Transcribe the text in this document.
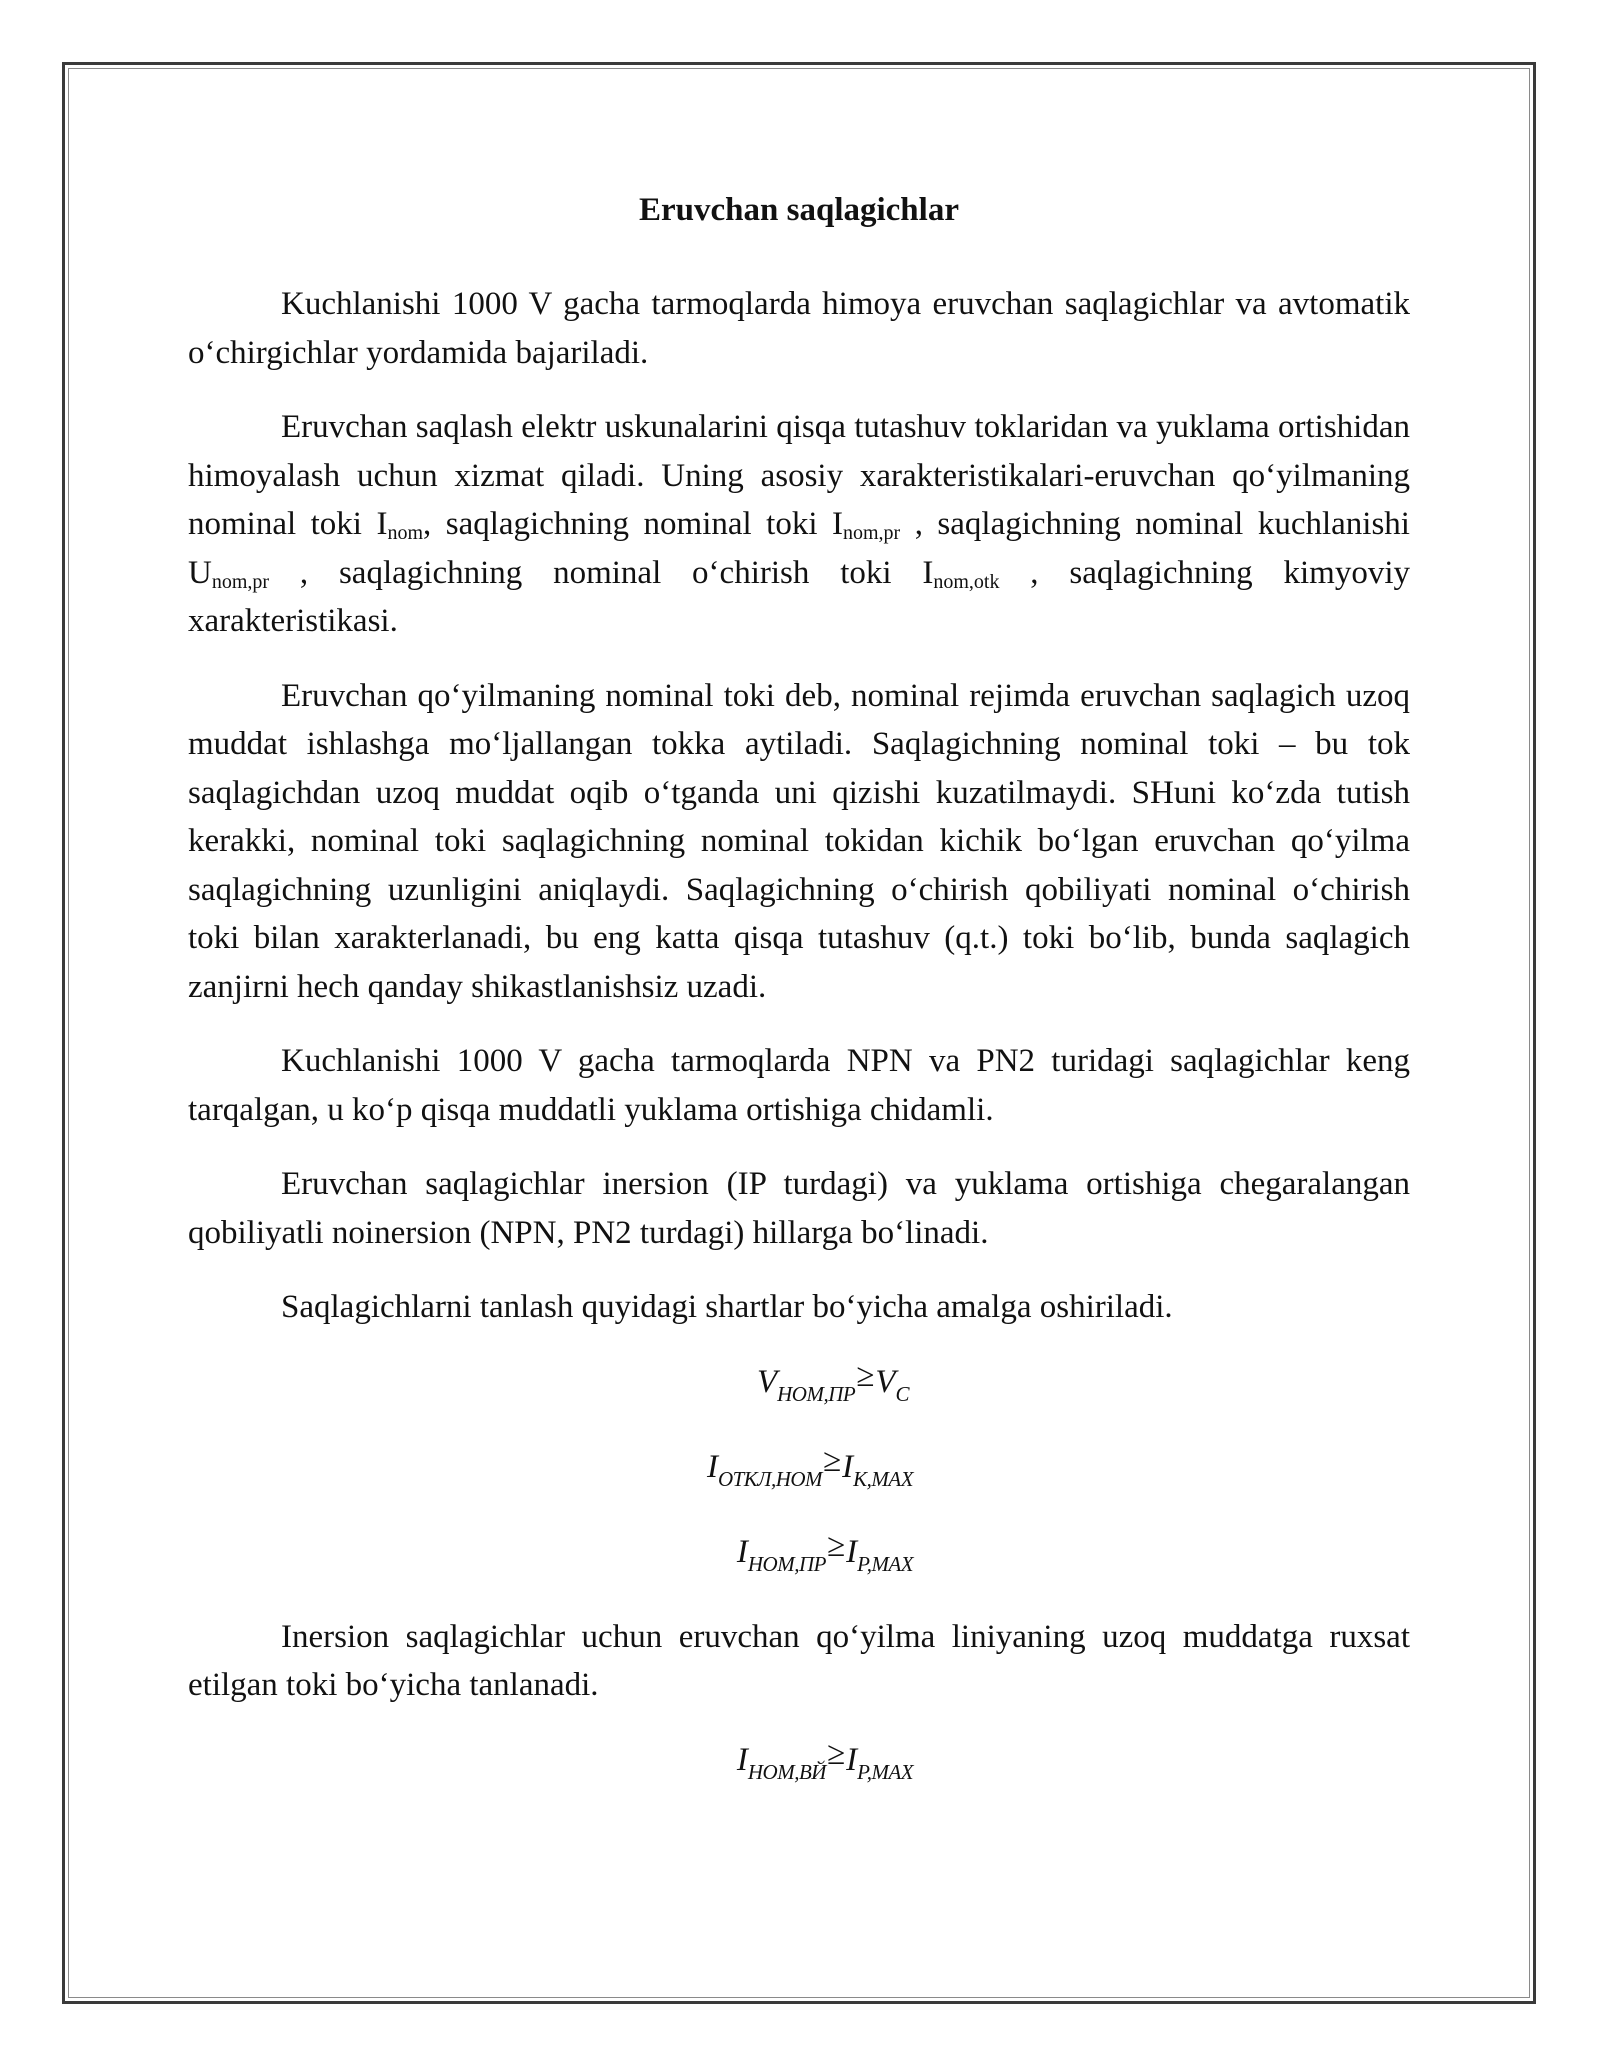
Eruvchan saqlagichlar

Kuchlanishi 1000 V gacha tarmoqlarda himoya eruvchan saqlagichlar va avtomatik o‘chirgichlar yordamida bajariladi.

Eruvchan saqlash elektr uskunalarini qisqa tutashuv toklaridan va yuklama ortishidan himoyalash uchun xizmat qiladi. Uning asosiy xarakteristikalari-eruvchan qo‘yilmaning nominal toki $I_{nom}$, saqlagichning nominal toki $I_{nom,pr}$ , saqlagichning nominal kuchlanishi $U_{nom,pr}$ , saqlagichning nominal o‘chirish toki $I_{nom,otk}$ , saqlagichning kimyoviy xarakteristikasi.

Eruvchan qo‘yilmaning nominal toki deb, nominal rejimda eruvchan saqlagich uzoq muddat ishlashga mo‘ljallangan tokka aytiladi. Saqlagichning nominal toki – bu tok saqlagichdan uzoq muddat oqib o‘tganda uni qizishi kuzatilmaydi. SHuni ko‘zda tutish kerakki, nominal toki saqlagichning nominal tokidan kichik bo‘lgan eruvchan qo‘yilma saqlagichning uzunligini aniqlaydi. Saqlagichning o‘chirish qobiliyati nominal o‘chirish toki bilan xarakterlanadi, bu eng katta qisqa tutashuv (q.t.) toki bo‘lib, bunda saqlagich zanjirni hech qanday shikastlanishsiz uzadi.

Kuchlanishi 1000 V gacha tarmoqlarda NPN va PN2 turidagi saqlagichlar keng tarqalgan, u ko‘p qisqa muddatli yuklama ortishiga chidamli.

Eruvchan saqlagichlar inersion (IP turdagi) va yuklama ortishiga chegaralangan qobiliyatli noinersion (NPN, PN2 turdagi) hillarga bo‘linadi.

Saqlagichlarni tanlash quyidagi shartlar bo‘yicha amalga oshiriladi.

$V_{НОМ,ПР}\ge V_C$
$I_{ОТКЛ,НОМ}\ge I_{K,MAX}$
$I_{НОМ,ПР}\ge I_{P,MAX}$

Inersion saqlagichlar uchun eruvchan qo‘yilma liniyaning uzoq muddatga ruxsat etilgan toki bo‘yicha tanlanadi.

$I_{НОМ,ВЙ}\ge I_{P,MAX}$
